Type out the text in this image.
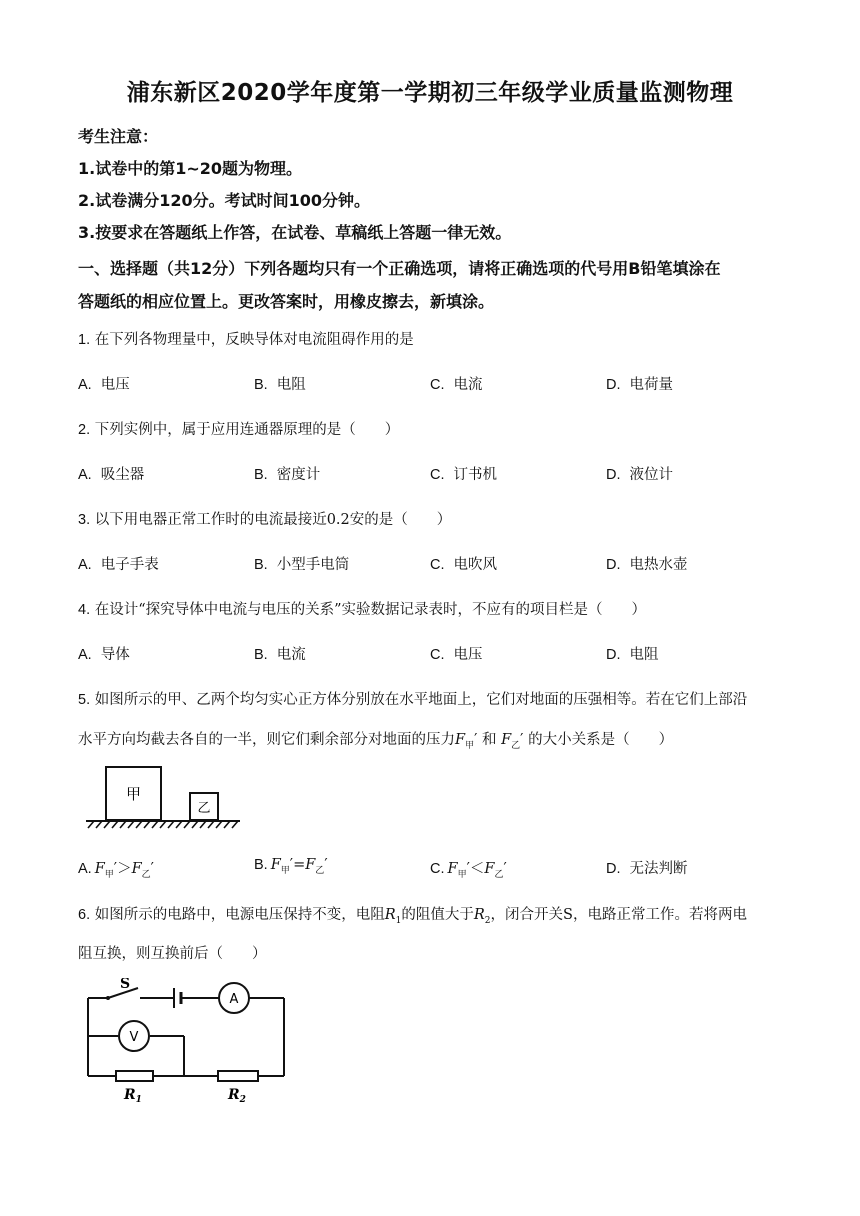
浦东新区2020学年度第一学期初三年级学业质量监测物理
考生注意：
1.试卷中的第1~20题为物理。
2.试卷满分120分。考试时间100分钟。
3.按要求在答题纸上作答，在试卷、草稿纸上答题一律无效。
一、选择题（共12分）下列各题均只有一个正确选项，请将正确选项的代号用B铅笔填涂在
答题纸的相应位置上。更改答案时，用橡皮擦去，新填涂。
1. 在下列各物理量中，反映导体对电流阻碍作用的是
A. 电压	B. 电阻	C. 电流	D. 电荷量
2. 下列实例中，属于应用连通器原理的是（　　）
A. 吸尘器	B. 密度计	C. 订书机	D. 液位计
3. 以下用电器正常工作时的电流最接近0.2安的是（　　）
A. 电子手表	B. 小型手电筒	C. 电吹风	D. 电热水壶
4. 在设计“探究导体中电流与电压的关系”实验数据记录表时，不应有的项目栏是（　　）
A. 导体	B. 电流	C. 电压	D. 电阻
5. 如图所示的甲、乙两个均匀实心正方体分别放在水平地面上，它们对地面的压强相等。若在它们上部沿
水平方向均截去各自的一半，则它们剩余部分对地面的压力$F_甲'$ 和 $F_乙'$ 的大小关系是（　　）
甲
乙
A. $F_甲'>F_乙'$	B. $F_甲'=F_乙'$	C. $F_甲'<F_乙'$	D. 无法判断
6. 如图所示的电路中，电源电压保持不变，电阻$R_1$的阻值大于$R_2$，闭合开关S，电路正常工作。若将两电
阻互换，则互换前后（　　）
S
A
V
$R_1$	$R_2$
